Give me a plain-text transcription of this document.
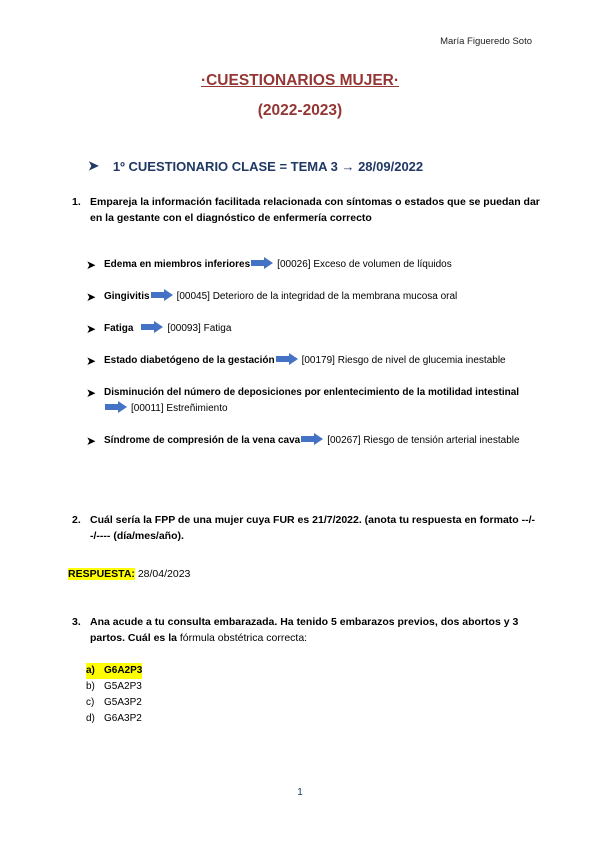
María Figueredo Soto
·CUESTIONARIOS MUJER·
(2022-2023)
➤ 1º CUESTIONARIO CLASE = TEMA 3 → 28/09/2022
1. Empareja la información facilitada relacionada con síntomas o estados que se puedan dar en la gestante con el diagnóstico de enfermería correcto
➤ Edema en miembros inferiores	[00026] Exceso de volumen de líquidos
➤ Gingivitis	[00045] Deterioro de la integridad de la membrana mucosa oral
➤ Fatiga	[00093] Fatiga
➤ Estado diabetógeno de la gestación	[00179] Riesgo de nivel de glucemia inestable
➤ Disminución del número de deposiciones por enlentecimiento de la motilidad intestinal[00011] Estreñimiento
➤ Síndrome de compresión de la vena cava	[00267] Riesgo de tensión arterial inestable
2. Cuál sería la FPP de una mujer cuya FUR es 21/7/2022. (anota tu respuesta en formato --/--/---- (día/mes/año).
RESPUESTA: 28/04/2023
3. Ana acude a tu consulta embarazada. Ha tenido 5 embarazos previos, dos abortos y 3 partos. Cuál es la fórmula obstétrica correcta:
a) G6A2P3
b) G5A2P3
c) G5A3P2
d) G6A3P2
1
